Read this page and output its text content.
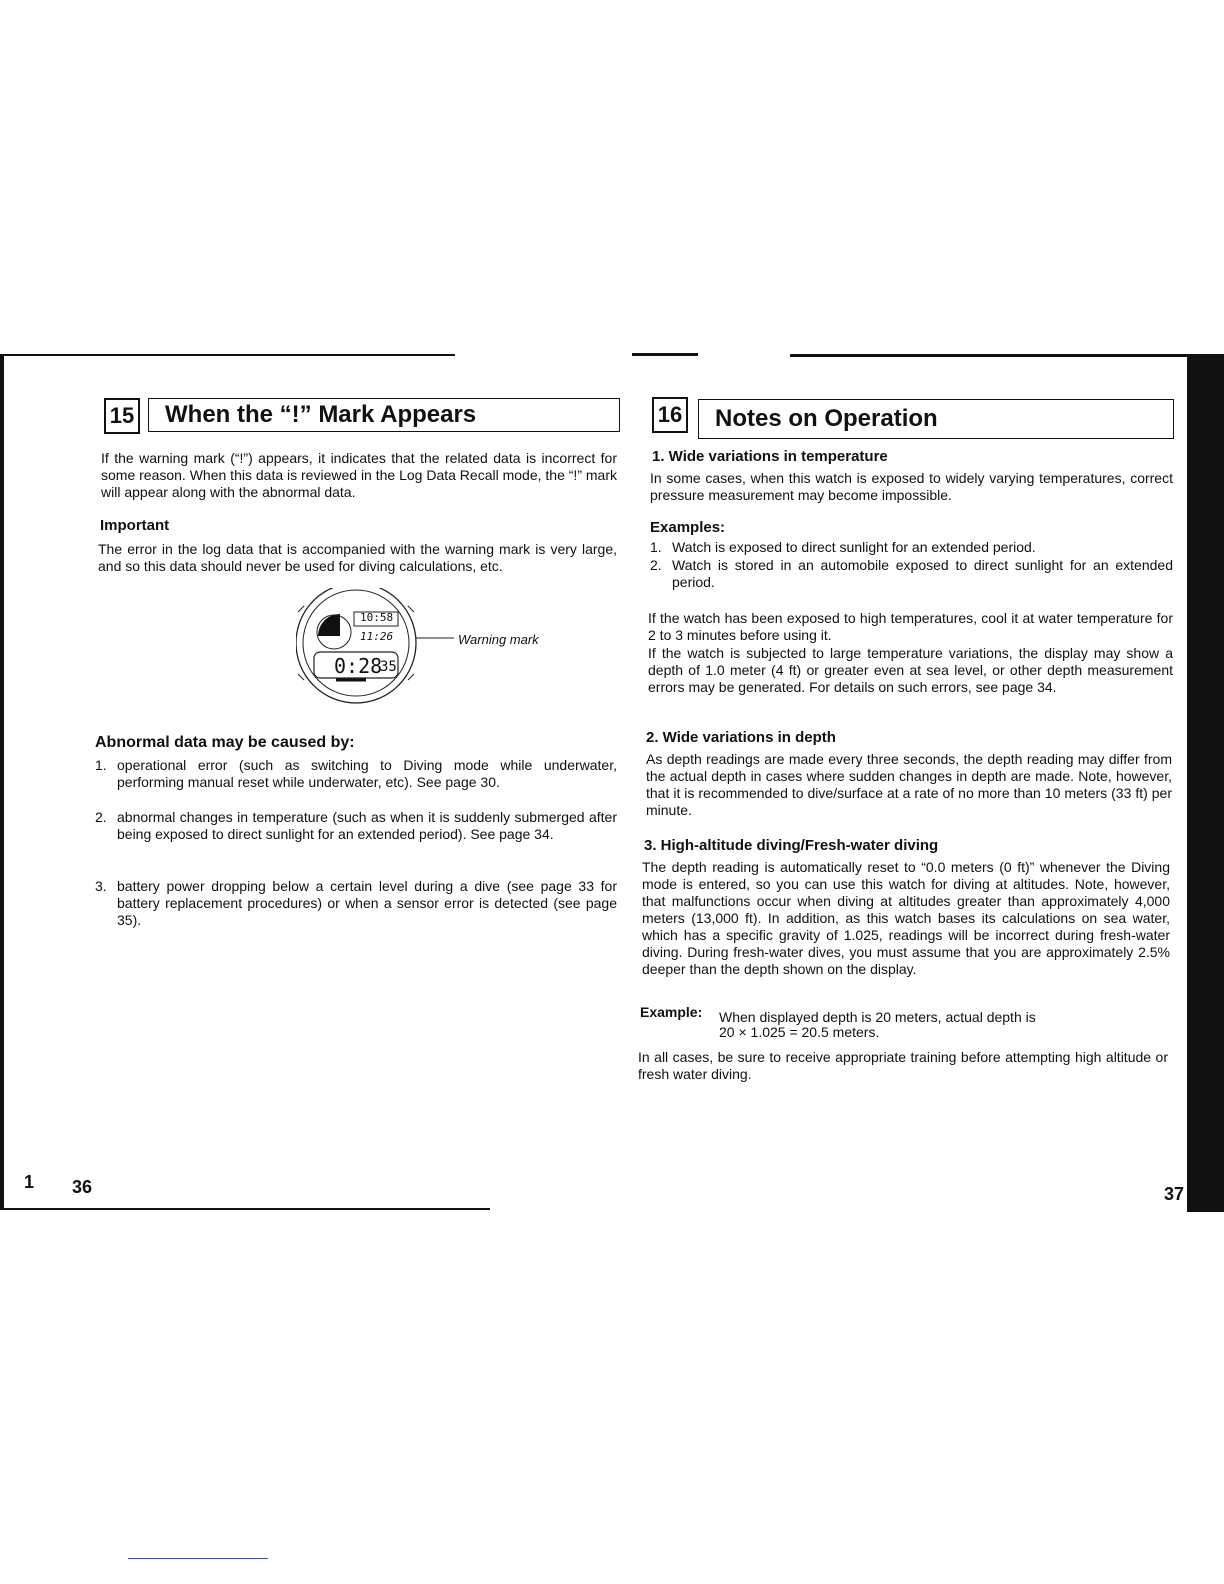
15	When the “!” Mark Appears
If the warning mark (“!”) appears, it indicates that the related data is incorrect for some reason. When this data is reviewed in the Log Data Recall mode, the “!” mark will appear along with the abnormal data.
Important
The error in the log data that is accompanied with the warning mark is very large, and so this data should never be used for diving calculations, etc.
10:58
11:26
0:28
35
Warning mark
Abnormal data may be caused by:
1. operational error (such as switching to Diving mode while underwater, performing manual reset while underwater, etc). See page 30.
2. abnormal changes in temperature (such as when it is suddenly submerged after being exposed to direct sunlight for an extended period). See page 34.
3. battery power dropping below a certain level during a dive (see page 33 for battery replacement procedures) or when a sensor error is detected (see page 35).
1 36
16	Notes on Operation
1. Wide variations in temperature
In some cases, when this watch is exposed to widely varying temperatures, correct pressure measurement may become impossible.
Examples:
1. Watch is exposed to direct sunlight for an extended period.
2. Watch is stored in an automobile exposed to direct sunlight for an extended period.
If the watch has been exposed to high temperatures, cool it at water temperature for 2 to 3 minutes before using it.
If the watch is subjected to large temperature variations, the display may show a depth of 1.0 meter (4 ft) or greater even at sea level, or other depth measurement errors may be generated. For details on such errors, see page 34.
2. Wide variations in depth
As depth readings are made every three seconds, the depth reading may differ from the actual depth in cases where sudden changes in depth are made. Note, however, that it is recommended to dive/surface at a rate of no more than 10 meters (33 ft) per minute.
3. High-altitude diving/Fresh-water diving
The depth reading is automatically reset to “0.0 meters (0 ft)” whenever the Diving mode is entered, so you can use this watch for diving at altitudes. Note, however, that malfunctions occur when diving at altitudes greater than approximately 4,000 meters (13,000 ft). In addition, as this watch bases its calculations on sea water, which has a specific gravity of 1.025, readings will be incorrect during fresh-water diving. During fresh-water dives, you must assume that you are approximately 2.5% deeper than the depth shown on the display.
Example: When displayed depth is 20 meters, actual depth is
20 × 1.025 = 20.5 meters.
In all cases, be sure to receive appropriate training before attempting high altitude or fresh water diving.
37
